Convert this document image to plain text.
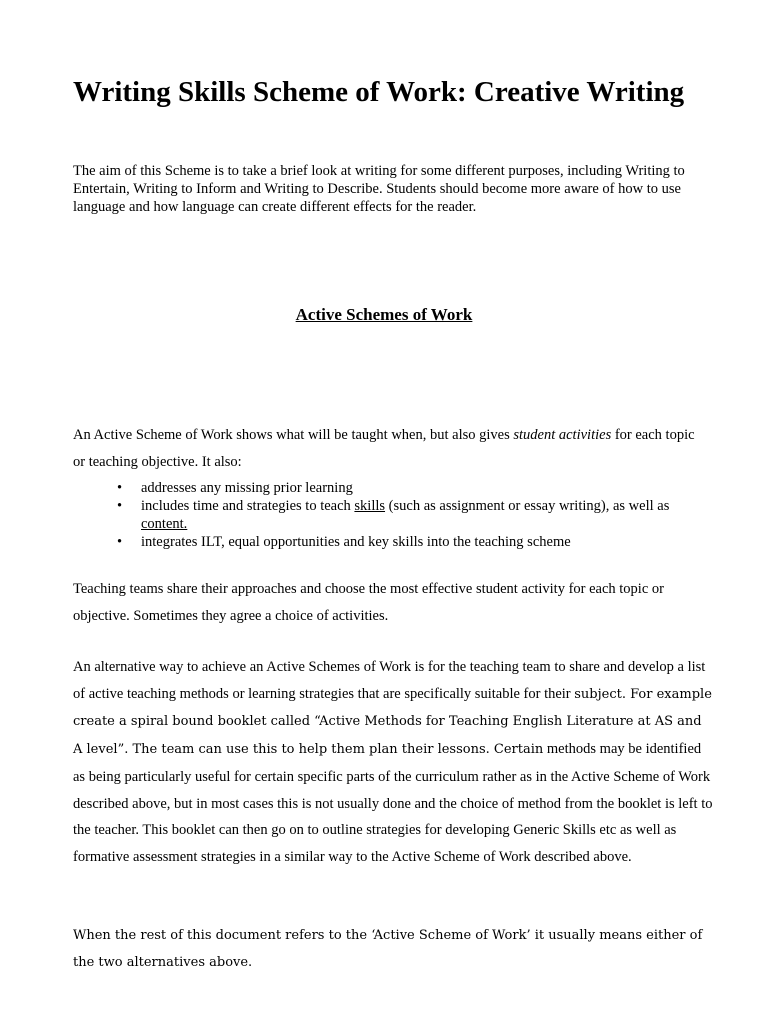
Writing Skills Scheme of Work: Creative Writing

The aim of this Scheme is to take a brief look at writing for some different purposes, including Writing to Entertain, Writing to Inform and Writing to Describe. Students should become more aware of how to use language and how language can create different effects for the reader.

Active Schemes of Work

An Active Scheme of Work shows what will be taught when, but also gives student activities for each topic or teaching objective. It also:

• addresses any missing prior learning
• includes time and strategies to teach skills (such as assignment or essay writing), as well as content.
• integrates ILT, equal opportunities and key skills into the teaching scheme

Teaching teams share their approaches and choose the most effective student activity for each topic or objective. Sometimes they agree a choice of activities.

An alternative way to achieve an Active Schemes of Work is for the teaching team to share and develop a list of active teaching methods or learning strategies that are specifically suitable for their subject. For example create a spiral bound booklet called “Active Methods for Teaching English Literature at AS and A level”. The team can use this to help them plan their lessons. Certain methods may be identified as being particularly useful for certain specific parts of the curriculum rather as in the Active Scheme of Work described above, but in most cases this is not usually done and the choice of method from the booklet is left to the teacher. This booklet can then go on to outline strategies for developing Generic Skills etc as well as formative assessment strategies in a similar way to the Active Scheme of Work described above.

When the rest of this document refers to the ‘Active Scheme of Work’ it usually means either of the two alternatives above.
